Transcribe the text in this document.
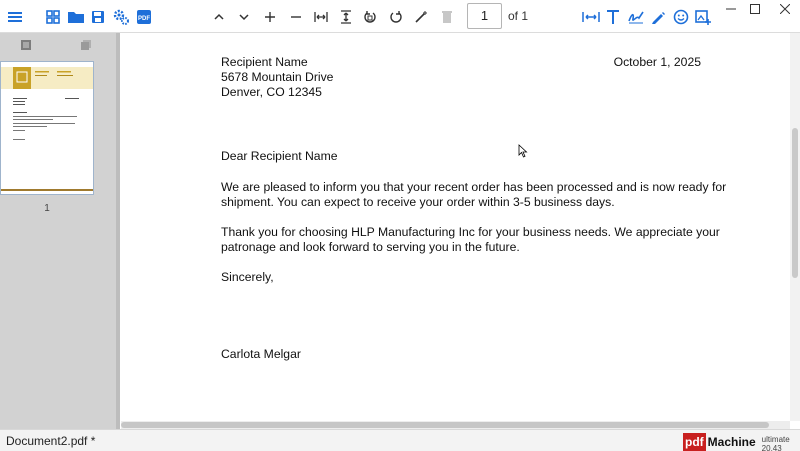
PDF	1	of 1
1
Recipient Name	October 1, 2025
5678 Mountain Drive
Denver, CO 12345
Dear Recipient Name
We are pleased to inform you that your recent order has been processed and is now ready for
shipment. You can expect to receive your order within 3-5 business days.
Thank you for choosing HLP Manufacturing Inc for your business needs. We appreciate your
patronage and look forward to serving you in the future.
Sincerely,
Carlota Melgar
Document2.pdf *	pdf Machine ultimate 20.43
